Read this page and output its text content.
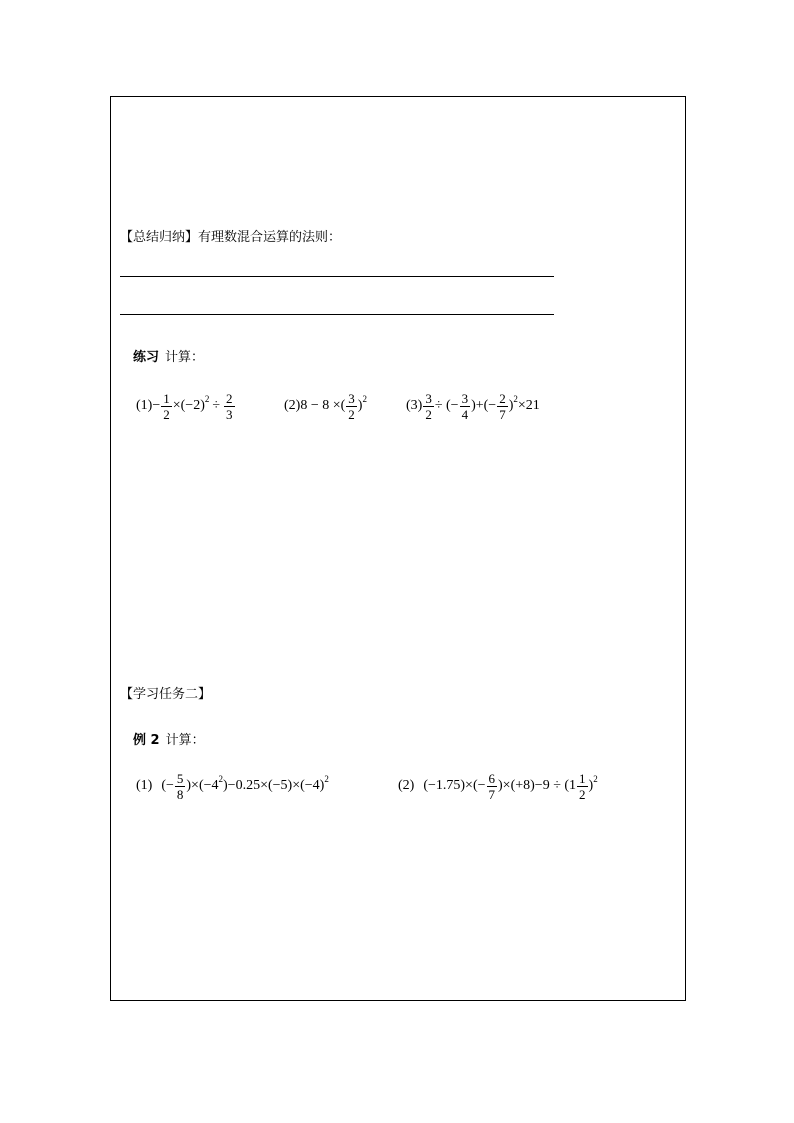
【总结归纳】有理数混合运算的法则：
练习 计算：
$(1) - \frac{1}{2} \times(-2)^2 \div \frac{2}{3}$	(2) 8 − 8 ×( $\frac{3}{2} )^2$	$(3) \frac{3}{2}$ ÷ (− $\frac{3}{4}$ )+(− $\frac{2}{7} )^2 \times 21$
【学习任务二】
例 2 计算：
(1) (− $\frac{5}{8} )\times(-4^2$ )$-0.25\times(-5)\times(-4)^2$	(2) $(-1.75)\times(- \frac{6}{7} )\times(+8)-9 \div (1 \frac{1}{2} )^2$
